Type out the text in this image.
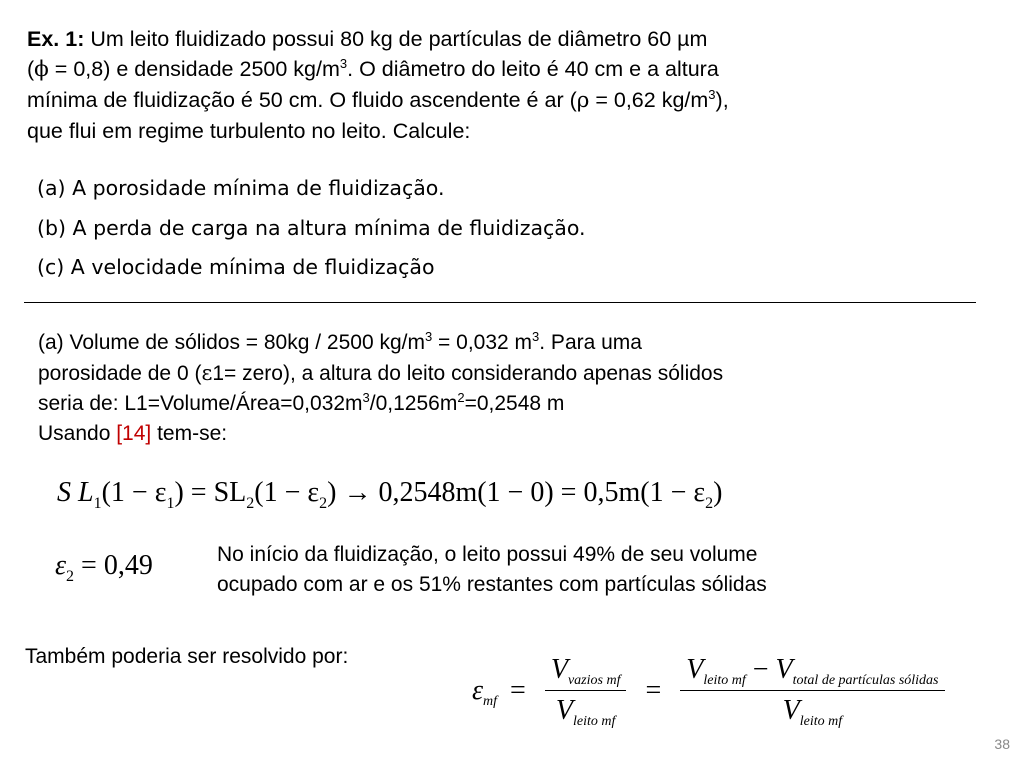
Ex. 1: Um leito fluidizado possui 80 kg de partículas de diâmetro 60 µm
(ϕ = 0,8) e densidade 2500 $kg/m^3$. O diâmetro do leito é 40 cm e a altura
mínima de fluidização é 50 cm. O fluido ascendente é ar (ρ = 0,62 $kg/m^3$),
que flui em regime turbulento no leito. Calcule:
(a) A porosidade mínima de fluidização.
(b) A perda de carga na altura mínima de fluidização.
(c) A velocidade mínima de fluidização
(a) Volume de sólidos = 80kg / 2500 $kg/m^3 = 0,032$ $m^3$. Para uma
porosidade de 0 (ε1= zero), a altura do leito considerando apenas sólidos
seria de: $L1=Volume/Área=0,032m^3/0,1256m^2=0,2548$ m
Usando [14] tem-se:
S $L_1(1 - \varepsilon_1) = SL_2(1 - \varepsilon_2) \to 0,2548m(1 - 0) = 0,5m(1 - \varepsilon_2)$
$\varepsilon_2 = 0,49$	No início da fluidização, o leito possui 49% de seu volume
ocupado com ar e os 51% restantes com partículas sólidas
Também poderia ser resolvido por:
$\varepsilon_{mf} = \frac{V_{vazios mf}}{V_{leito mf}} = \frac{V_{leito mf} - V_{total de partículas sólidas}}{V_{leito mf}}$
38
